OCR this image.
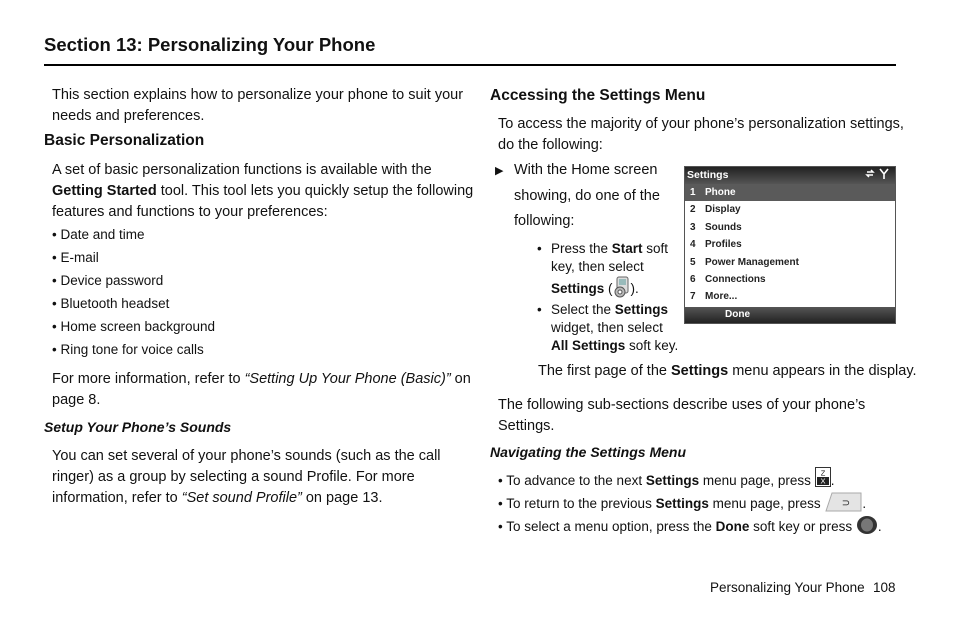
Section 13: Personalizing Your Phone
This section explains how to personalize your phone to suit your
needs and preferences.
Basic Personalization
A set of basic personalization functions is available with the
Getting Started tool. This tool lets you quickly setup the following
features and functions to your preferences:
• Date and time
• E-mail
• Device password
• Bluetooth headset
• Home screen background
• Ring tone for voice calls
For more information, refer to “Setting Up Your Phone (Basic)” on
page 8.
Setup Your Phone’s Sounds
You can set several of your phone’s sounds (such as the call
ringer) as a group by selecting a sound Profile. For more
information, refer to “Set sound Profile” on page 13.
Accessing the Settings Menu
To access the majority of your phone’s personalization settings,
do the following:
▶ With the Home screen
showing, do one of the
following:
• Press the Start soft
key, then select
Settings ( ).
• Select the Settings
widget, then select
All Settings soft key.
Settings
1 Phone
2 Display
3 Sounds
4 Profiles
5 Power Management
6 Connections
7 More...
Done
The first page of the Settings menu appears in the display.
The following sub-sections describe uses of your phone’s
Settings.
Navigating the Settings Menu
• To advance to the next Settings menu page, press
Z
X .
• To return to the previous Settings menu page, press ⊃ .
• To select a menu option, press the Done soft key or press .
Personalizing Your Phone 108
